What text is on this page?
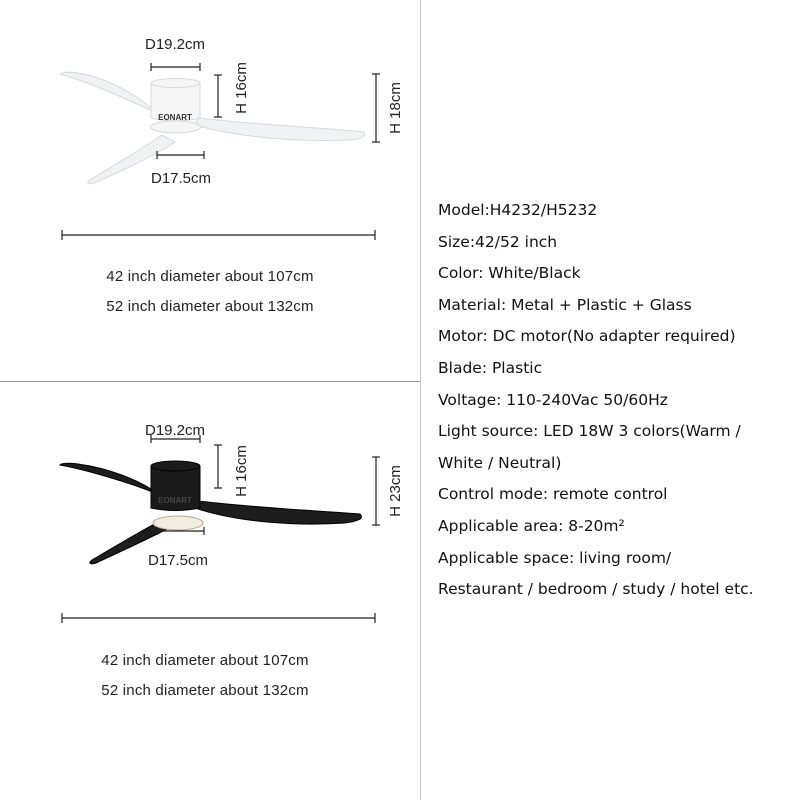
D19.2cm
H 16cm	H 18cm
EONART
D17.5cm
42 inch diameter about 107cm
52 inch diameter about 132cm
D19.2cm
H 16cm	H 23cm
EONART
D17.5cm
42 inch diameter about 107cm
52 inch diameter about 132cm
Model:H4232/H5232
Size:42/52 inch
Color: White/Black
Material: Metal + Plastic + Glass
Motor: DC motor(No adapter required)
Blade: Plastic
Voltage: 110-240Vac 50/60Hz
Light source: LED 18W 3 colors(Warm /
White / Neutral)
Control mode: remote control
Applicable area: 8-20m²
Applicable space: living room/
Restaurant / bedroom / study / hotel etc.
